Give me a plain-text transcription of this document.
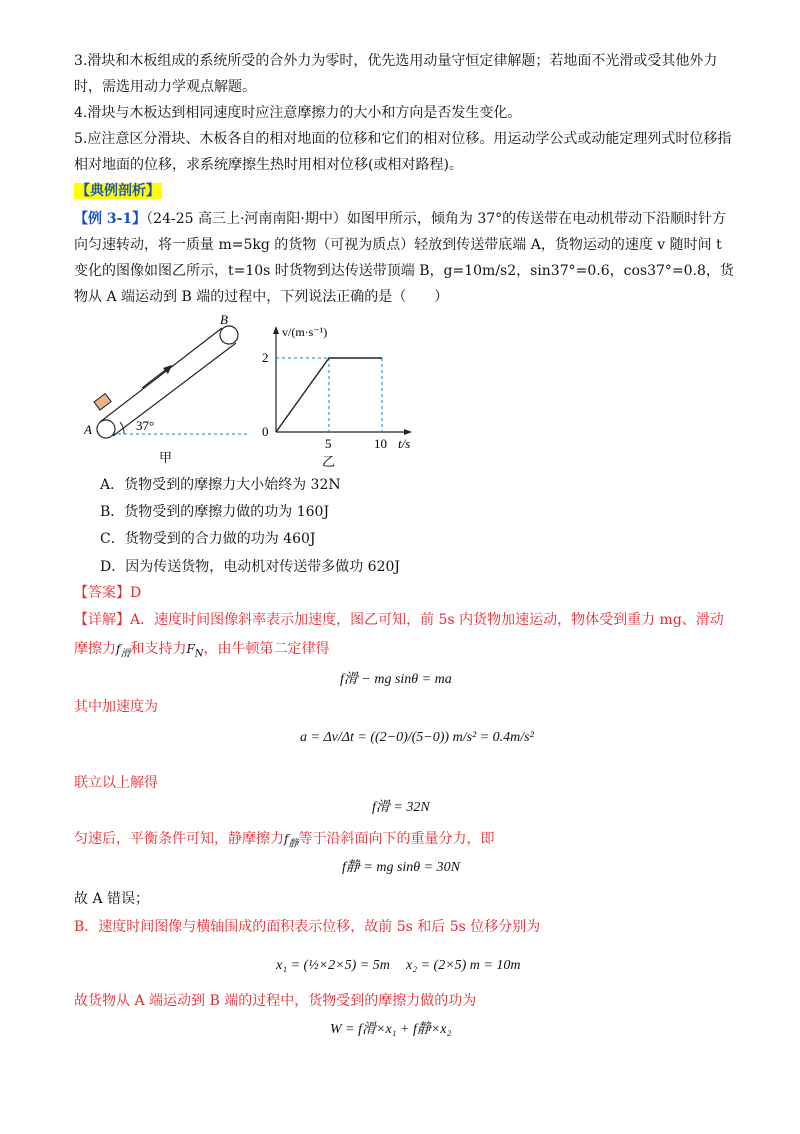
3.滑块和木板组成的系统所受的合外力为零时，优先选用动量守恒定律解题；若地面不光滑或受其他外力时，需选用动力学观点解题。

4.滑块与木板达到相同速度时应注意摩擦力的大小和方向是否发生变化。

5.应注意区分滑块、木板各自的相对地面的位移和它们的相对位移。用运动学公式或动能定理列式时位移指相对地面的位移，求系统摩擦生热时用相对位移(或相对路程)。

【典例剖析】

【例 3-1】（24-25 高三上·河南南阳·期中）如图甲所示，倾角为 37°的传送带在电动机带动下沿顺时针方向匀速转动，将一质量 m=5kg 的货物（可视为质点）轻放到传送带底端 A，货物运动的速度 v 随时间 t 变化的图像如图乙所示，t=10s 时货物到达传送带顶端 B，g=10m/s2，sin37°=0.6，cos37°=0.8，货物从 A 端运动到 B 端的过程中，下列说法正确的是（　　）

37°
A
B
甲
v/(m·s⁻¹)
2
0
5	10 t/s
乙
A．货物受到的摩擦力大小始终为 32N
B．货物受到的摩擦力做的功为 160J
C．货物受到的合力做的功为 460J
D．因为传送货物，电动机对传送带多做功 620J
【答案】D
【详解】A．速度时间图像斜率表示加速度，图乙可知，前 5s 内货物加速运动，物体受到重力 mg、滑动
摩擦力$f_滑$和支持力$F_N$，由牛顿第二定律得
f滑 − mg sinθ = ma
其中加速度为
a = Δv/Δt = ((2−0)/(5−0)) m/s² = 0.4m/s²
联立以上解得
f滑 = 32N
匀速后，平衡条件可知，静摩擦力$f_静$等于沿斜面向下的重量分力，即
f静 = mg sinθ = 30N
故 A 错误；
B．速度时间图像与横轴围成的面积表示位移，故前 5s 和后 5s 位移分别为
x₁ = (½×2×5) = 5m x₂ = (2×5) m = 10m
故货物从 A 端运动到 B 端的过程中，货物受到的摩擦力做的功为
W = f滑×x₁ + f静×x₂
